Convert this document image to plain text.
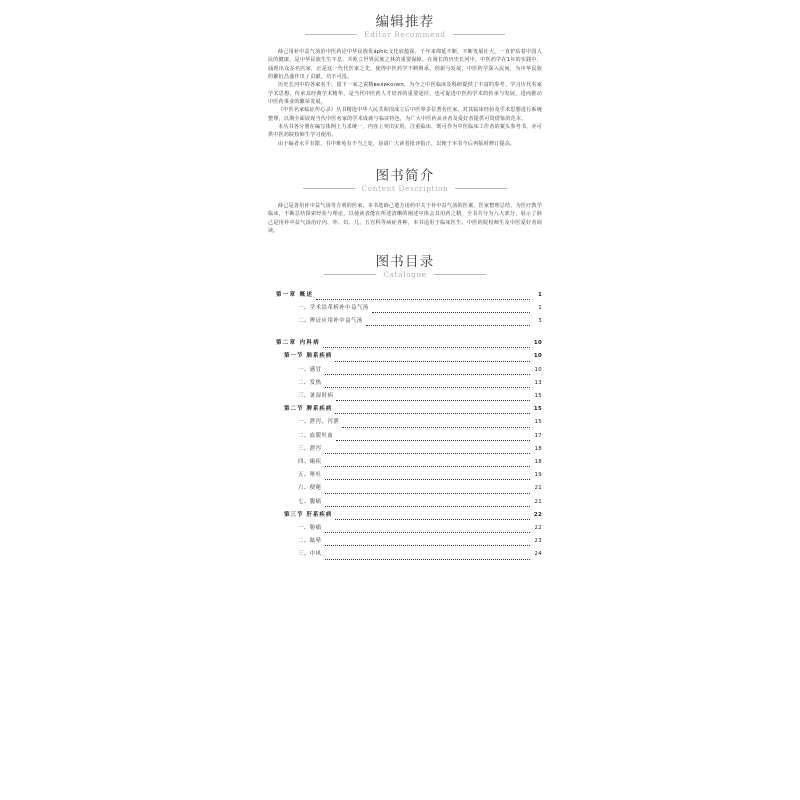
编辑推荐
Editor Recommend

薛己用补中益气汤治中医药论中华民族优áphic文化底蕴深，千年来绵延不断，不断发展壮大，一直护佑着中国人民的健康，是中华民族生生不息，并屹立世界民族之林的重要保障。在漫长的历史长河中，中医药学在1年的实践中，涌现出众多名医家，正是这一代代医家之先，使得中医药学不断继承、创新与发展，中医药学深入民间，为中华民族的繁衍昌盛作出了贡献，功不可没。

历史长河中的各家名手，留下一家之说精великолеп，为今之中医临床及科研提供了丰富的参考。学习历代名家学术思想，传承其经典学术精华，是当代中医药人才培养的重要途径，也可促进中医药学术的传承与发展，进而推动中医药事业的繁荣发展。

《中医名家临证传心录》丛书精选中华人民共和国成立后中医界多位著名医家，对其临床经验及学术思想进行系统整理，以期全面展现当代中医名家的学术成就与临证特色，为广大中医药从业者及爱好者提供可资借鉴的范本。

本丛书各分册在编写体例上力求统一，内容上突出实用，注重临床，既可作为中医临床工作者的案头参考书，亦可供中医药院校师生学习使用。

由于编者水平有限，书中难免有不当之处，恳请广大读者批评指正，以便于本书今后再版时修订提高。

图书简介
Content Description

薛己是善用补中益气汤等方剂的医家，本书选薛己遣方用药中关于补中益气汤的医案，医家整理总结，为医疗教学临床，不断总结探索经验与理论，以使读者能在所述清晰的阐述中体会其用药之精。全书共分为八大部分，展示了薛己是用补中益气汤治疗内、外、妇、儿、五官科等病症各种，本书适用于临床医生、中医药院校师生及中医爱好者阅读。

图书目录
Catalogue
第一章 概述	1
一、学术沿革析补中益气汤	1
二、辨证应用补中益气汤	3
第二章 内科病	10
第一节 肺系疾病	10
一、感冒	10
二、发热	13
三、暑湿时病	15
第二节 脾系疾病	15
一、泄泻、泻泄	15
二、血脱吐血	17
三、泄泻	18
四、痢疾	18
五、呕吐	19
六、便秘	21
七、腹痛	21
第三节 肝系疾病	22
一、胁痛	22
二、眩晕	23
三、中风	24
